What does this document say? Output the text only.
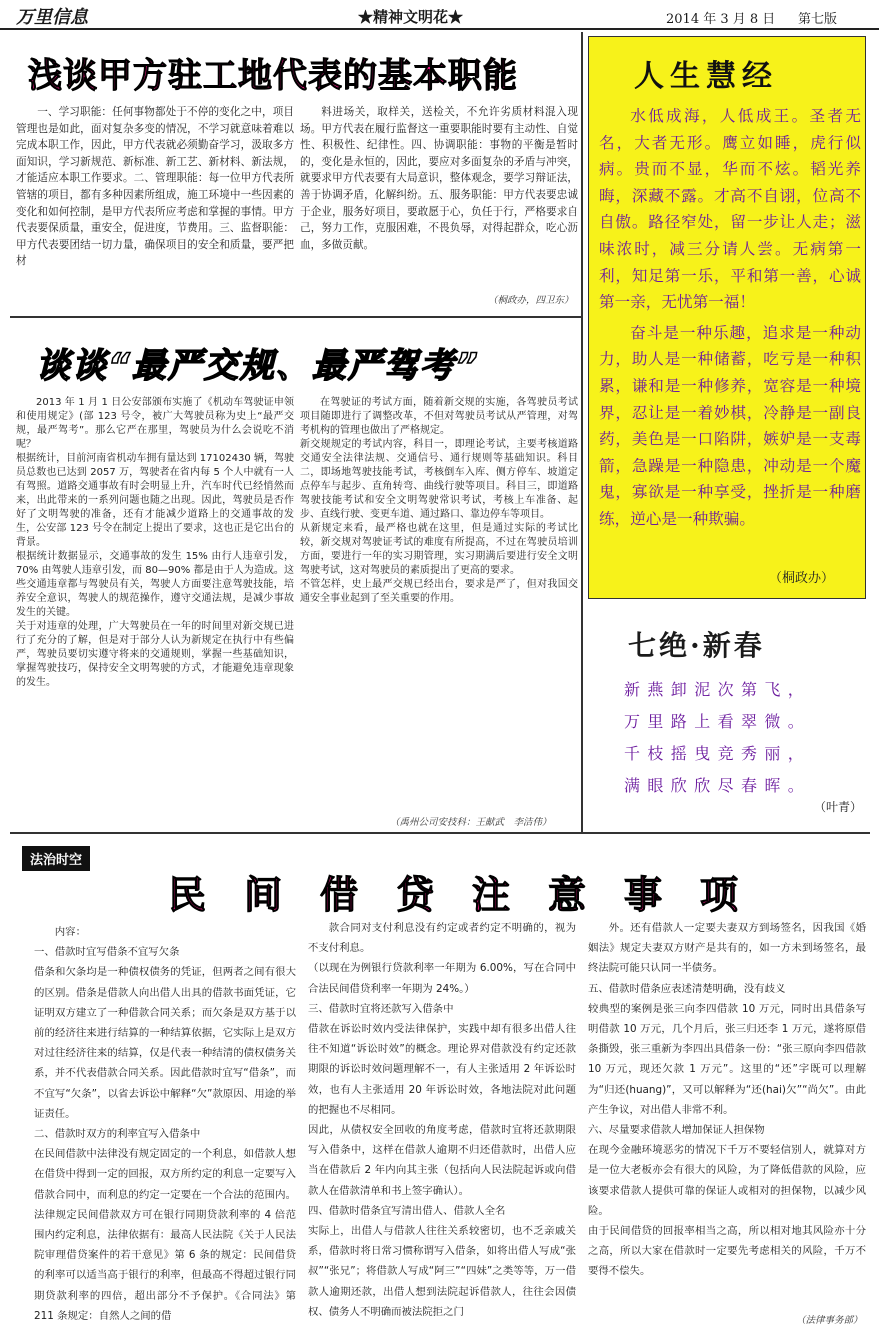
万里信息	★精神文明花★	2014 年 3 月 8 日 第七版
浅谈甲方驻工地代表的基本职能

一、学习职能：任何事物都处于不停的变化之中，项目管理也是如此，面对复杂多变的情况，不学习就意味着难以完成本职工作，因此，甲方代表就必须勤奋学习，汲取多方面知识，学习新规范、新标准、新工艺、新材料、新法规，才能适应本职工作要求。二、管理职能：每一位甲方代表所管辖的项目，都有多种因素所组成，施工环境中一些因素的变化和如何控制，是甲方代表所应考虑和掌握的事情。甲方代表要保质量，重安全，促进度，节费用。三、监督职能：甲方代表要团结一切力量，确保项目的安全和质量，要严把材

料进场关，取样关，送检关，不允许劣质材料混入现场。甲方代表在履行监督这一重要职能时要有主动性、自觉性、积极性、纪律性。四、协调职能：事物的平衡是暂时的，变化是永恒的，因此，要应对多面复杂的矛盾与冲突，就要求甲方代表要有大局意识，整体观念，要学习辩证法，善于协调矛盾，化解纠纷。五、服务职能：甲方代表要忠诚于企业，服务好项目，要敢愿于心，负任于行，严格要求自己，努力工作，克服困难，不畏负辱，对得起群众，吃心沥血，多做贡献。

（桐政办，四卫东）
谈谈“最严交规、最严驾考”

2013 年 1 月 1 日公安部颁布实施了《机动车驾驶证申领和使用规定》(部 123 号令，被广大驾驶员称为史上“最严交规，最严驾考”。那么它严在那里，驾驶员为什么会说吃不消呢？
根据统计，目前河南省机动车拥有量达到 17102430 辆，驾驶员总数也已达到 2057 万，驾驶者在省内每 5 个人中就有一人有驾照。道路交通事故有时会明显上升，汽车时代已经悄然而来，出此带来的一系列问题也随之出现。因此，驾驶员是否作好了文明驾驶的准备，还有才能减少道路上的交通事故的发生，公安部 123 号令在制定上提出了要求，这也正是它出台的背景。
根据统计数据显示，交通事故的发生 15% 由行人违章引发，70% 由驾驶人违章引发，而 80—90% 都是由于人为造成。这些交通违章都与驾驶员有关，驾驶人方面要注意驾驶技能，培养安全意识，驾驶人的规范操作，遵守交通法规，是减少事故发生的关键。
关于对违章的处理，广大驾驶员在一年的时间里对新交规已进行了充分的了解，但是对于部分人认为新规定在执行中有些偏严，驾驶员要切实遵守将来的交通规则，掌握一些基础知识，掌握驾驶技巧，保持安全文明驾驶的方式，才能避免违章现象的发生。

在驾驶证的考试方面，随着新交规的实施，各驾驶员考试项目随即进行了调整改革，不但对驾驶员考试从严管理，对驾考机构的管理也做出了严格规定。
新交规规定的考试内容，科目一，即理论考试，主要考核道路交通安全法律法规、交通信号、通行规则等基础知识。科目二，即场地驾驶技能考试，考核倒车入库、侧方停车、坡道定点停车与起步、直角转弯、曲线行驶等项目。科目三，即道路驾驶技能考试和安全文明驾驶常识考试，考核上车准备、起步、直线行驶、变更车道、通过路口、靠边停车等项目。
从新规定来看，最严格也就在这里，但是通过实际的考试比较，新交规对驾驶证考试的难度有所提高，不过在驾驶员培训方面，要进行一年的实习期管理，实习期满后要进行安全文明驾驶考试，这对驾驶员的素质提出了更高的要求。
不管怎样，史上最严交规已经出台，要求是严了，但对我国交通安全事业起到了至关重要的作用。

（禹州公司安技科：王献武　李洁伟）
人生慧经

水低成海，人低成王。圣者无名，大者无形。鹰立如睡，虎行似病。贵而不显，华而不炫。韬光养晦，深藏不露。才高不自诩，位高不自傲。路径窄处，留一步让人走；滋味浓时，减三分请人尝。无病第一利，知足第一乐，平和第一善，心诚第一亲，无忧第一福！

奋斗是一种乐趣，追求是一种动力，助人是一种储蓄，吃亏是一种积累，谦和是一种修养，宽容是一种境界，忍让是一着妙棋，冷静是一副良药，美色是一口陷阱，嫉妒是一支毒箭，急躁是一种隐患，冲动是一个魔鬼，寡欲是一种享受，挫折是一种磨练，逆心是一种欺骗。

（桐政办）
七绝·新春
新燕卸泥次第飞，
万里路上看翠微。
千枝摇曳竞秀丽，
满眼欣欣尽春晖。
（叶青）
法治时空
民间借贷注意事项

内容：
一、借款时宜写借条不宜写欠条
借条和欠条均是一种债权债务的凭证，但两者之间有很大的区别。借条是借款人向出借人出具的借款书面凭证，它证明双方建立了一种借款合同关系；而欠条是双方基于以前的经济往来进行结算的一种结算依据，它实际上是双方对过往经济往来的结算，仅是代表一种结清的债权债务关系，并不代表借款合同关系。因此借款时宜写“借条”，而不宜写“欠条”，以省去诉讼中解释“欠”款原因、用途的举证责任。
二、借款时双方的利率宜写入借条中
在民间借款中法律没有规定固定的一个利息，如借款人想在借贷中得到一定的回报，双方所约定的利息一定要写入借款合同中，而利息的约定一定要在一个合法的范围内。法律规定民间借款双方可在银行同期贷款利率的 4 倍范围内约定利息，法律依据有：最高人民法院《关于人民法院审理借贷案件的若干意见》第 6 条的规定：民间借贷的利率可以适当高于银行的利率，但最高不得超过银行同期贷款利率的四倍，超出部分不予保护。《合同法》第 211 条规定：自然人之间的借

款合同对支付利息没有约定或者约定不明确的，视为不支付利息。
（以现在为例银行贷款利率一年期为 6.00%，写在合同中合法民间借贷利率一年期为 24%。）
三、借款时宜将还款写入借条中
借款在诉讼时效内受法律保护，实践中却有很多出借人往往不知道“诉讼时效”的概念。理论界对借款没有约定还款期限的诉讼时效问题理解不一，有人主张适用 2 年诉讼时效，也有人主张适用 20 年诉讼时效，各地法院对此问题的把握也不尽相同。
因此，从债权安全回收的角度考虑，借款时宜将还款期限写入借条中，这样在借款人逾期不归还借款时，出借人应当在借款后 2 年内向其主张（包括向人民法院起诉或向借款人在借款清单和书上签字确认）。
四、借款时借条宜写清出借人、借款人全名
实际上，出借人与借款人往往关系较密切，也不乏亲戚关系，借款时将日常习惯称谓写入借条，如将出借人写成“张叔”“张兄”；将借款人写成“阿三”“四妹”之类等等，万一借款人逾期还款，出借人想到法院起诉借款人，往往会因债权、债务人不明确而被法院拒之门

外。还有借款人一定要夫妻双方到场签名，因我国《婚姻法》规定夫妻双方财产是共有的，如一方未到场签名，最终法院可能只认同一半债务。
五、借款时借条应表述清楚明确，没有歧义
较典型的案例是张三向李四借款 10 万元，同时出具借条写明借款 10 万元，几个月后，张三归还李 1 万元，遂将原借条撕毁，张三重新为李四出具借条一份：“张三原向李四借款 10 万元，现还欠款 1 万元”。这里的“还”字既可以理解为“归还(huang)”，又可以解释为“还(hai)欠”“尚欠”。由此产生争议，对出借人非常不利。
六、尽量要求借款人增加保证人担保物
在现今金融环境恶劣的情况下千万不要轻信别人，就算对方是一位大老板亦会有很大的风险，为了降低借款的风险，应该要求借款人提供可靠的保证人或相对的担保物，以减少风险。
由于民间借贷的回报率相当之高，所以相对地其风险亦十分之高，所以大家在借款时一定要先考虑相关的风险，千万不要得不偿失。

（法律事务部）
